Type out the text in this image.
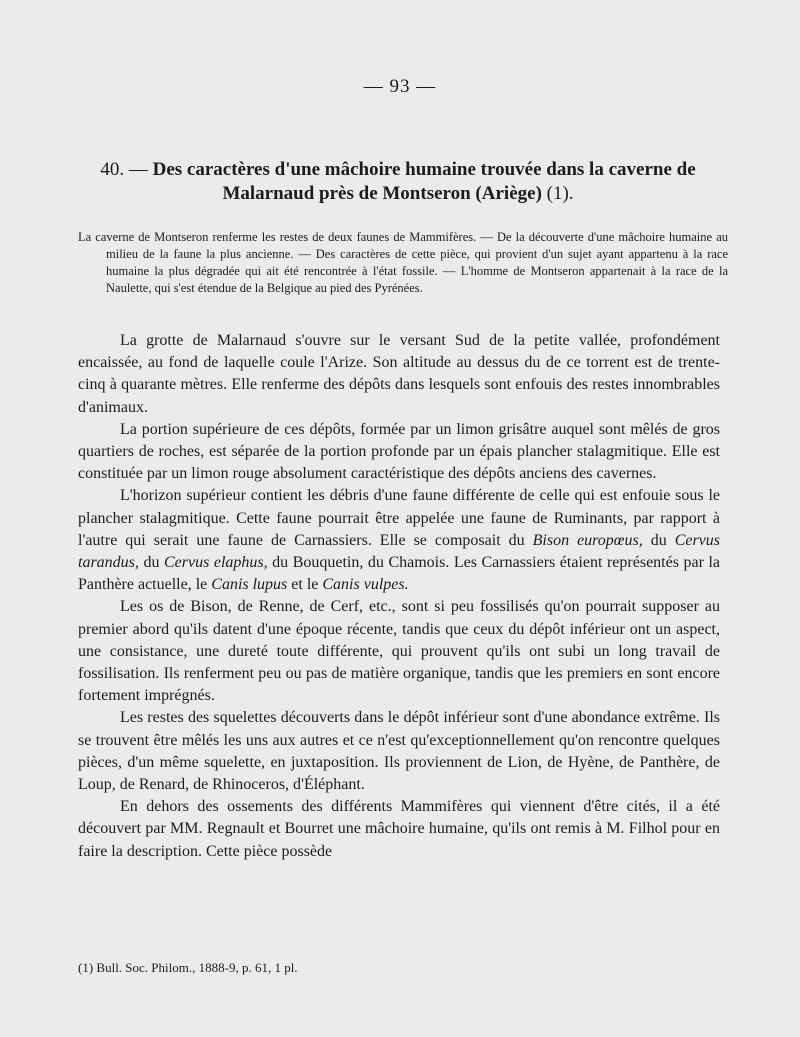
— 93 —
40. — Des caractères d'une mâchoire humaine trouvée dans la caverne de Malarnaud près de Montseron (Ariège) (1).
La caverne de Montseron renferme les restes de deux faunes de Mammifères. — De la découverte d'une mâchoire humaine au milieu de la faune la plus ancienne. — Des caractères de cette pièce, qui provient d'un sujet ayant appartenu à la race humaine la plus dégradée qui ait été rencontrée à l'état fossile. — L'homme de Montseron appartenait à la race de la Naulette, qui s'est étendue de la Belgique au pied des Pyrénées.

La grotte de Malarnaud s'ouvre sur le versant Sud de la petite vallée, profondément encaissée, au fond de laquelle coule l'Arize. Son altitude au dessus du de ce torrent est de trente-cinq à quarante mètres. Elle renferme des dépôts dans lesquels sont enfouis des restes innombrables d'animaux.

La portion supérieure de ces dépôts, formée par un limon grisâtre auquel sont mêlés de gros quartiers de roches, est séparée de la portion profonde par un épais plancher stalagmitique. Elle est constituée par un limon rouge absolument caractéristique des dépôts anciens des cavernes.

L'horizon supérieur contient les débris d'une faune différente de celle qui est enfouie sous le plancher stalagmitique. Cette faune pourrait être appelée une faune de Ruminants, par rapport à l'autre qui serait une faune de Carnassiers. Elle se composait du Bison europœus, du Cervus tarandus, du Cervus elaphus, du Bouquetin, du Chamois. Les Carnassiers étaient représentés par la Panthère actuelle, le Canis lupus et le Canis vulpes.

Les os de Bison, de Renne, de Cerf, etc., sont si peu fossilisés qu'on pourrait supposer au premier abord qu'ils datent d'une époque récente, tandis que ceux du dépôt inférieur ont un aspect, une consistance, une dureté toute différente, qui prouvent qu'ils ont subi un long travail de fossilisation. Ils renferment peu ou pas de matière organique, tandis que les premiers en sont encore fortement imprégnés.

Les restes des squelettes découverts dans le dépôt inférieur sont d'une abondance extrême. Ils se trouvent être mêlés les uns aux autres et ce n'est qu'exceptionnellement qu'on rencontre quelques pièces, d'un même squelette, en juxtaposition. Ils proviennent de Lion, de Hyène, de Panthère, de Loup, de Renard, de Rhinoceros, d'Éléphant.

En dehors des ossements des différents Mammifères qui viennent d'être cités, il a été découvert par MM. Regnault et Bourret une mâchoire humaine, qu'ils ont remis à M. Filhol pour en faire la description. Cette pièce possède

(1) Bull. Soc. Philom., 1888-9, p. 61, 1 pl.
